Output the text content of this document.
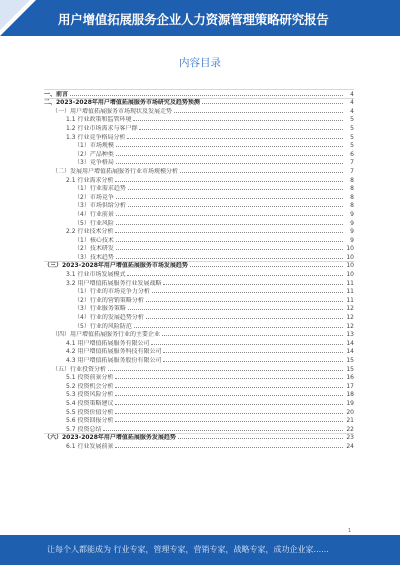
用户增值拓展服务企业人力资源管理策略研究报告
内容目录
一、前言	4
二、2023-2028年用户增值拓展服务市场研究及趋势预测	4
（一）用户增值拓展服务市场现状及发展走势	4
1.1 行业政策和监管环境	5
1.2 行业市场需求与客户群	5
1.3 行业竞争格局分析	5
（1）市场规模	5
（2）产品种类	6
（3）竞争格局	7
（二）发展用户增值拓展服务行业市场规模分析	7
2.1 行业需求分析	8
（1）行业需求趋势	8
（2）市场竞争	8
（3）市场供给分析	8
（4）行业前景	9
（5）行业风险	9
2.2 行业技术分析	9
（1）核心技术	9
（2）技术研发	10
（3）技术趋势	10
（三）2023-2028年用户增值拓展服务市场发展趋势	10
3.1 行业市场发展模式	10
3.2 用户增值拓展服务行业发展战略	11
（1）行业的市场竞争力分析	11
（2）行业的营销策略分析	11
（3）行业服务策略	12
（4）行业的发展趋势分析	12
（5）行业的风险防范	12
（四）用户增值拓展服务行业的主要企业	13
4.1 用户增值拓展服务有限公司	14
4.2 用户增值拓展服务科技有限公司	14
4.3 用户增值拓展服务股份有限公司	15
（五）行业投资分析	15
5.1 投资前景分析	16
5.2 投资机会分析	17
5.3 投资风险分析	18
5.4 投资策略建议	19
5.5 投资价值分析	20
5.6 投资回报分析	21
5.7 投资总结	22
（六）2023-2028年用户增值拓展服务发展趋势	23
6.1 行业发展前景	24
1
让每个人都能成为 行业专家，管理专家，营销专家，战略专家，成功企业家......
